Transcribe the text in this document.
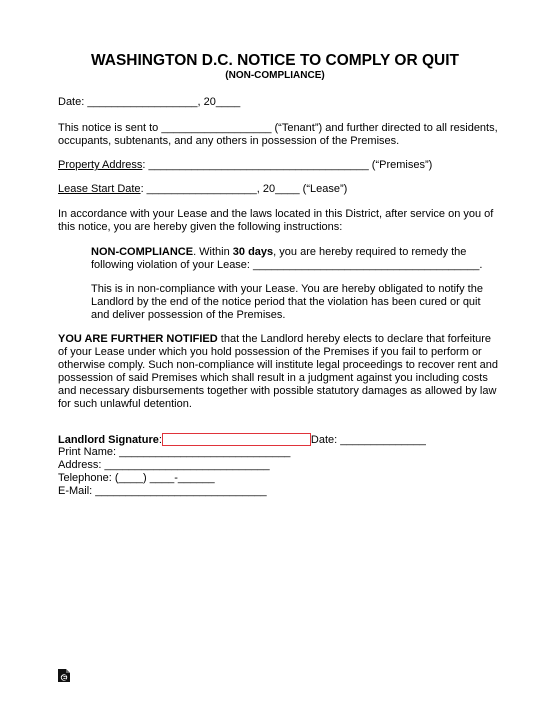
WASHINGTON D.C. NOTICE TO COMPLY OR QUIT
(NON-COMPLIANCE)
Date: __________________, 20____
This notice is sent to __________________ (“Tenant”) and further directed to all residents,
occupants, subtenants, and any others in possession of the Premises.
Property Address: ____________________________________ (“Premises”)
Lease Start Date: __________________, 20____ (“Lease”)
In accordance with your Lease and the laws located in this District, after service on you of
this notice, you are hereby given the following instructions:
NON-COMPLIANCE. Within 30 days, you are hereby required to remedy the
following violation of your Lease: _____________________________________.
This is in non-compliance with your Lease. You are hereby obligated to notify the
Landlord by the end of the notice period that the violation has been cured or quit
and deliver possession of the Premises.
YOU ARE FURTHER NOTIFIED that the Landlord hereby elects to declare that forfeiture
of your Lease under which you hold possession of the Premises if you fail to perform or
otherwise comply. Such non-compliance will institute legal proceedings to recover rent and
possession of said Premises which shall result in a judgment against you including costs
and necessary disbursements together with possible statutory damages as allowed by law
for such unlawful detention.
Landlord Signature:	Date: ______________
Print Name: ____________________________
Address: ___________________________
Telephone: (____) ____-______
E-Mail: ____________________________
